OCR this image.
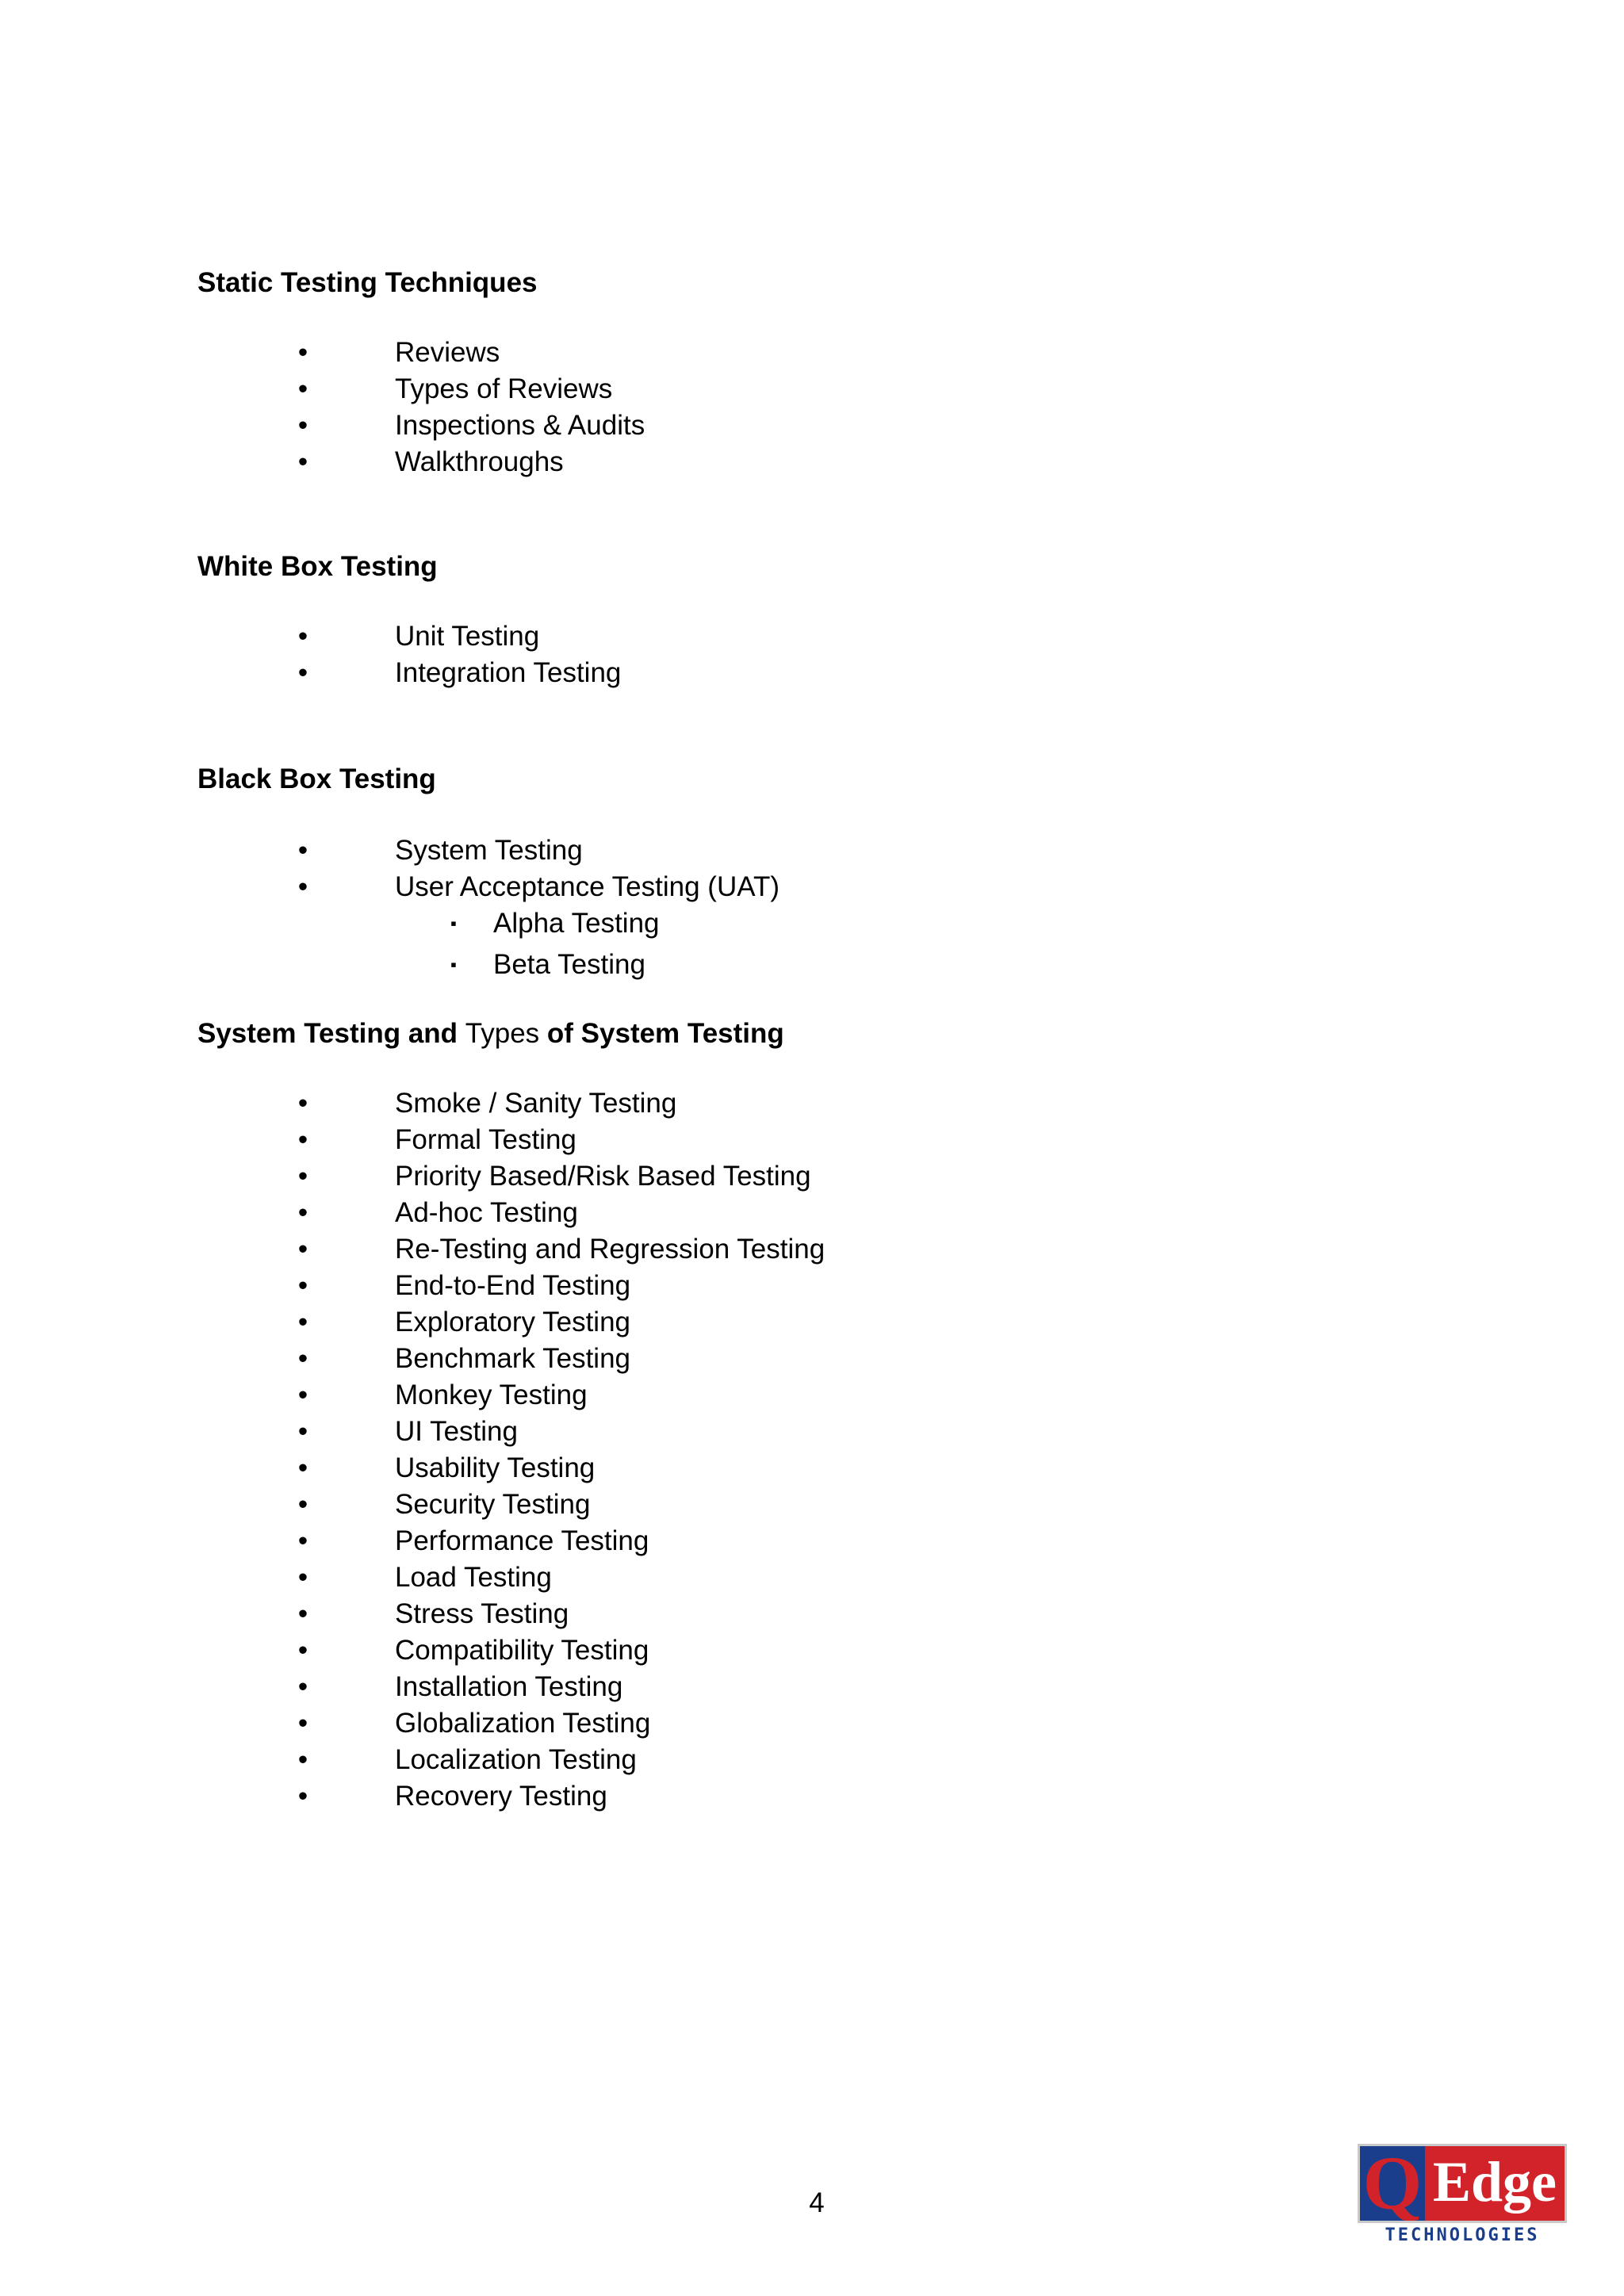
Static Testing Techniques
•	Reviews
•	Types of Reviews
•	Inspections & Audits
•	Walkthroughs
White Box Testing
•	Unit Testing
•	Integration Testing
Black Box Testing
•	System Testing
•	User Acceptance Testing (UAT)
▪ Alpha Testing
▪ Beta Testing
System Testing and Types of System Testing
•	Smoke / Sanity Testing
•	Formal Testing
•	Priority Based/Risk Based Testing
•	Ad-hoc Testing
•	Re-Testing and Regression Testing
•	End-to-End Testing
•	Exploratory Testing
•	Benchmark Testing
•	Monkey Testing
•	UI Testing
•	Usability Testing
•	Security Testing
•	Performance Testing
•	Load Testing
•	Stress Testing
•	Compatibility Testing
•	Installation Testing
•	Globalization Testing
•	Localization Testing
•	Recovery Testing
4	Q Edge
TECHNOLOGIES
